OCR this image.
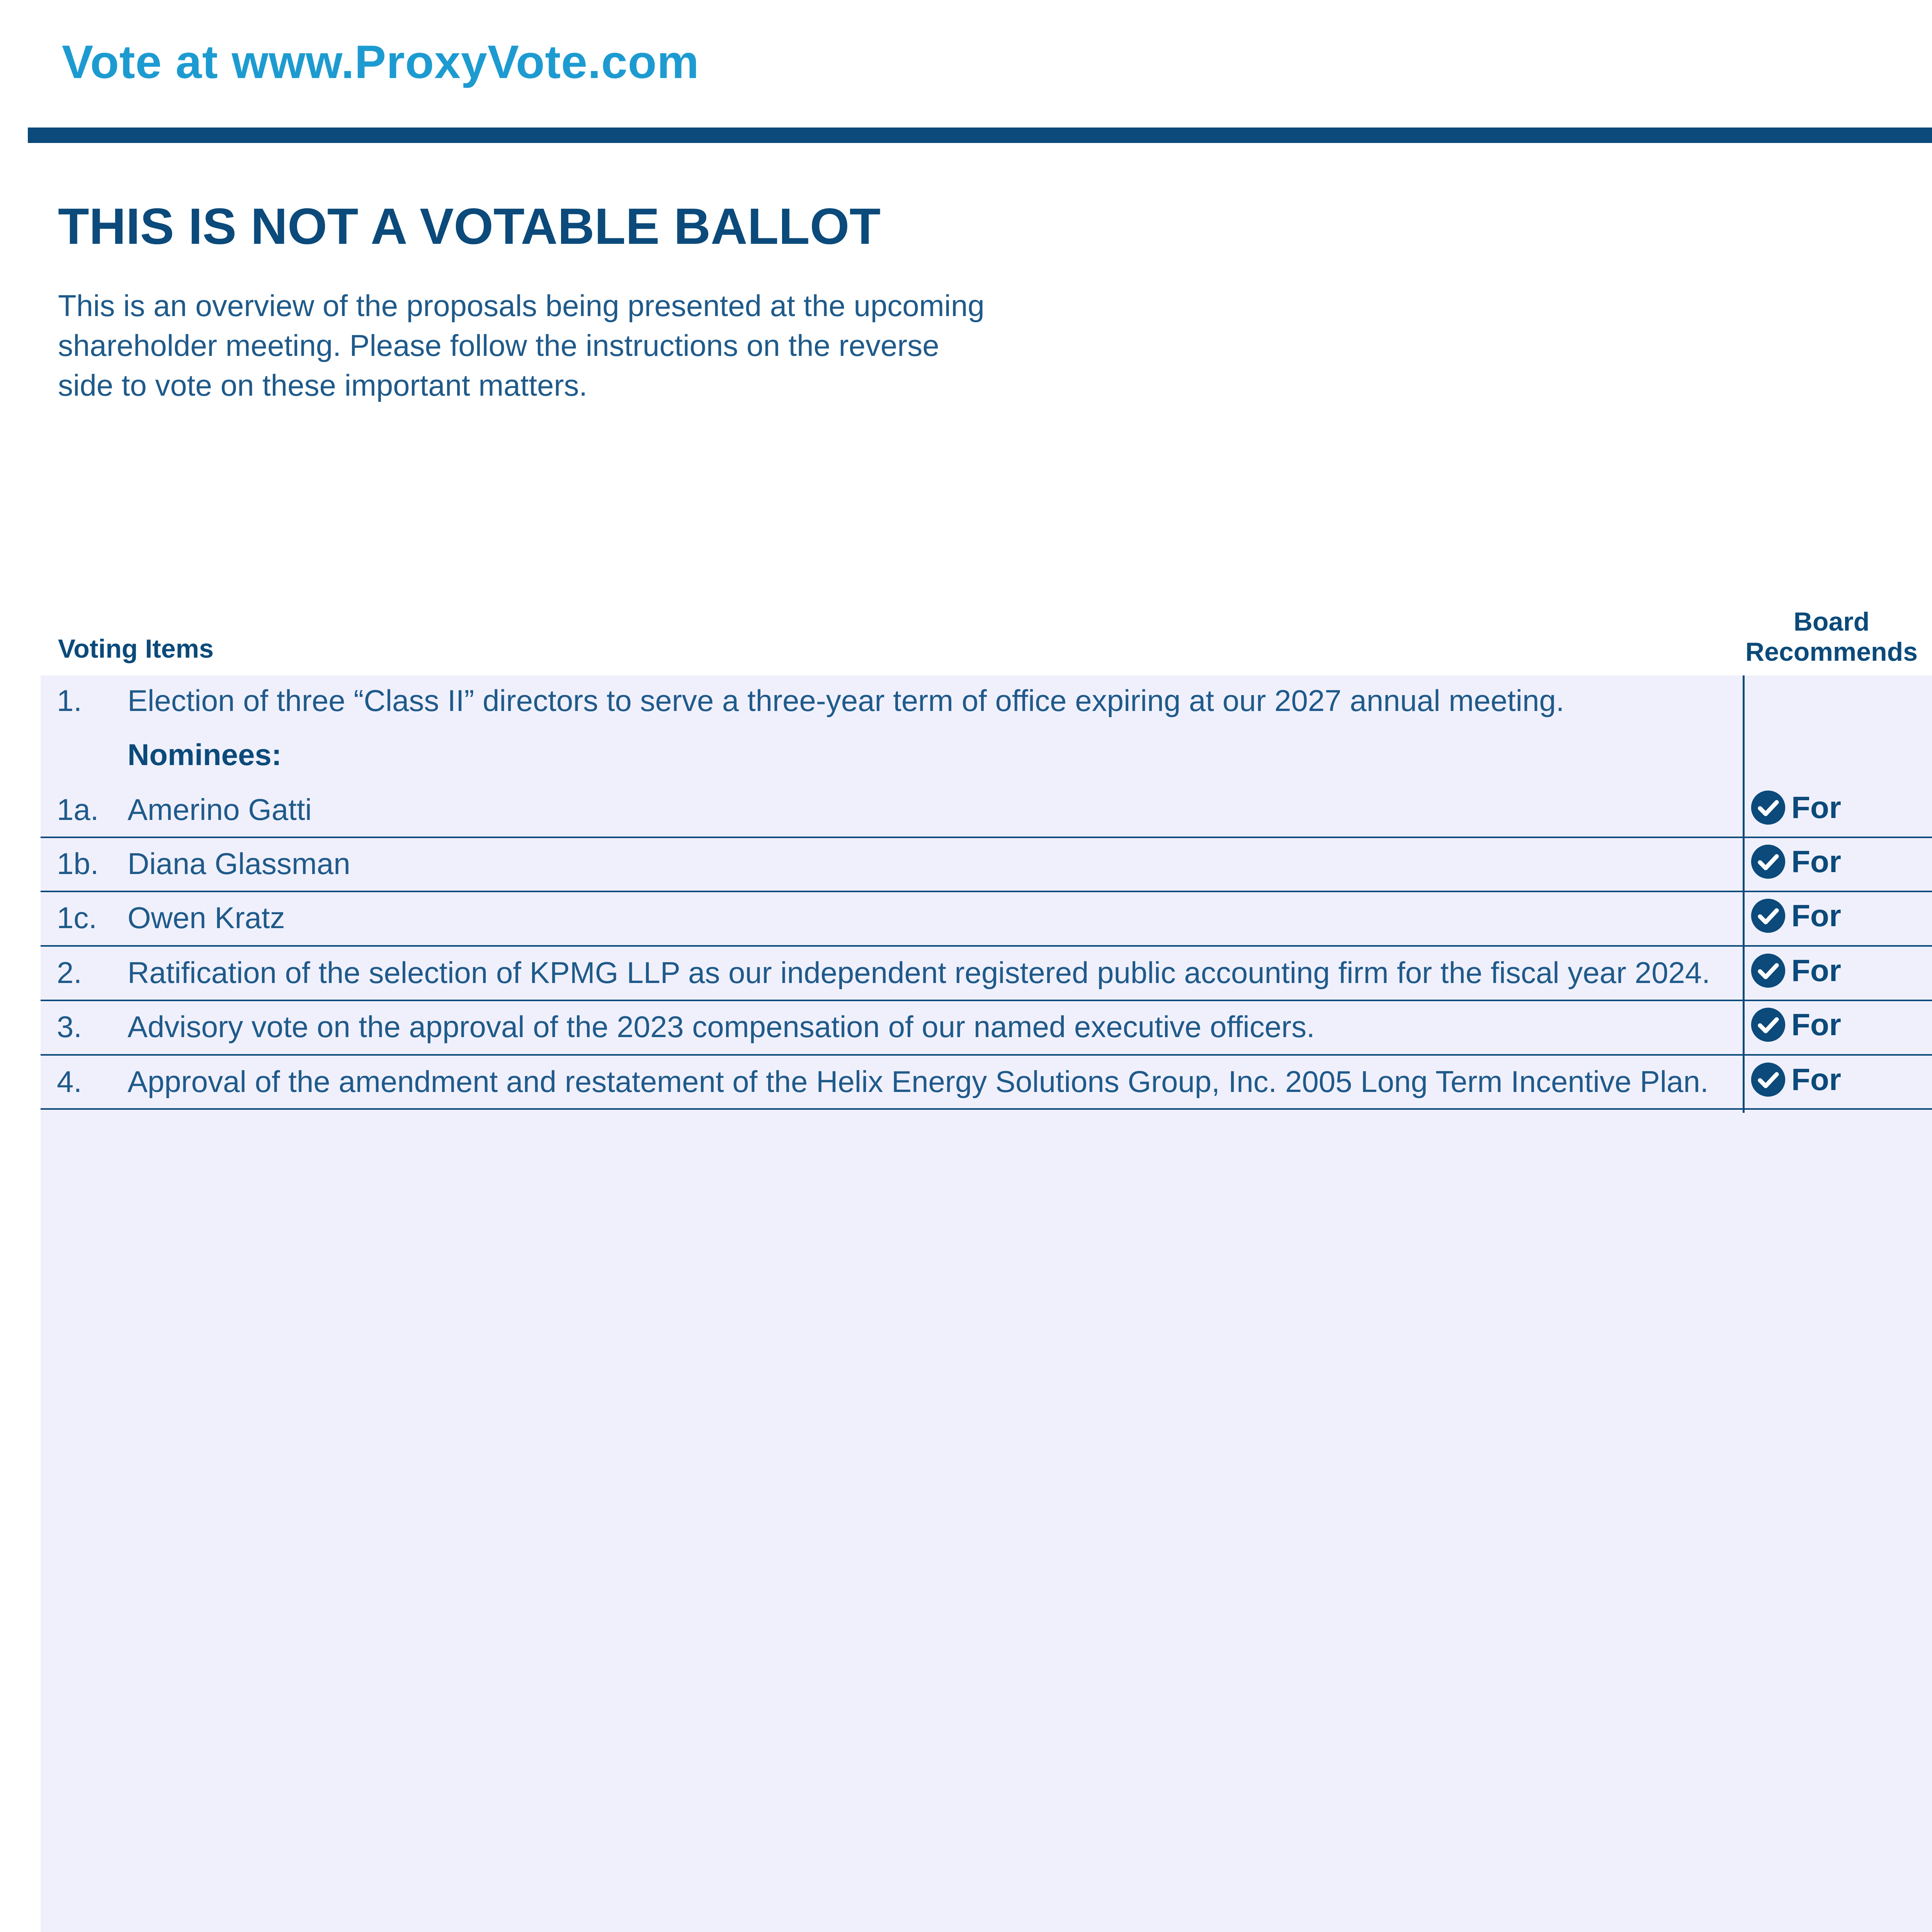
Vote at www.ProxyVote.com
THIS IS NOT A VOTABLE BALLOT
This is an overview of the proposals being presented at the upcoming shareholder meeting. Please follow the instructions on the reverse side to vote on these important matters.
Voting Items
Board
Recommends
1. Election of three “Class II” directors to serve a three-year term of office expiring at our 2027 annual meeting.
Nominees:
1a. Amerino Gatti	For
1b. Diana Glassman	For
1c. Owen Kratz	For
2. Ratification of the selection of KPMG LLP as our independent registered public accounting firm for the fiscal year 2024.	For
3. Advisory vote on the approval of the 2023 compensation of our named executive officers.	For
4. Approval of the amendment and restatement of the Helix Energy Solutions Group, Inc. 2005 Long Term Incentive Plan.	For
